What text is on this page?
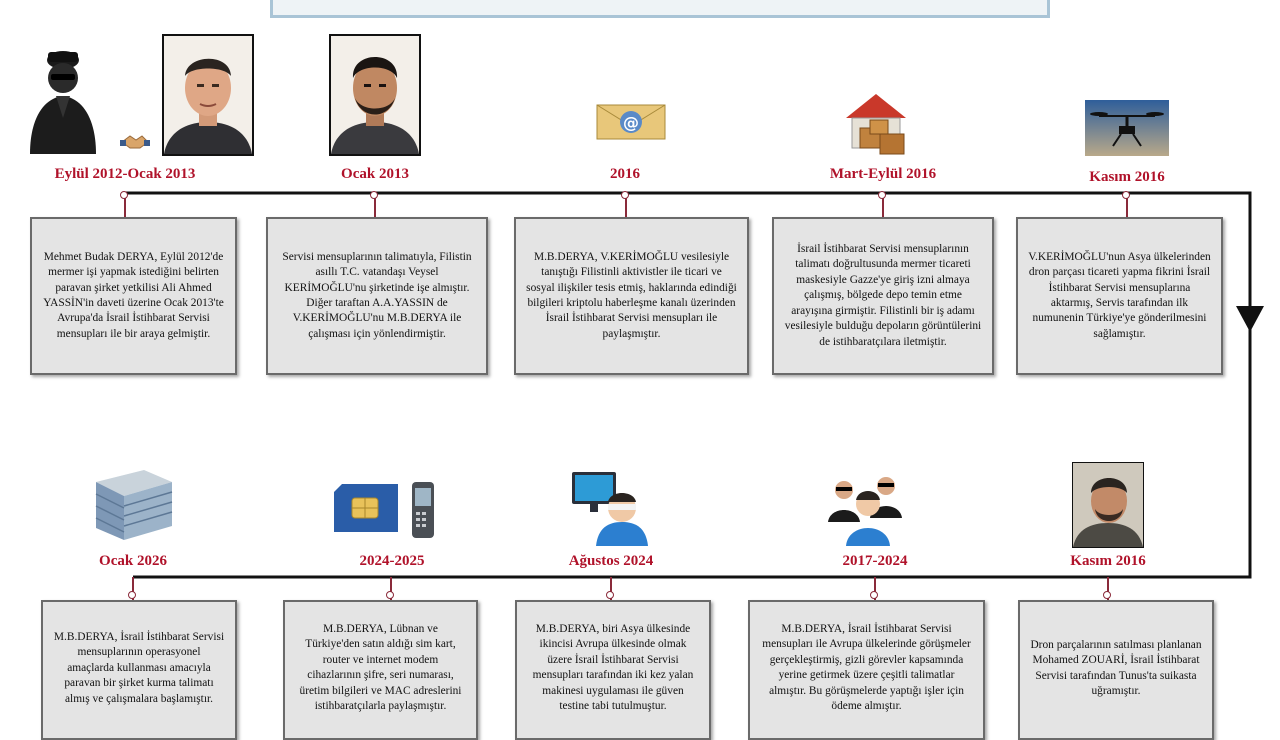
@
Eylül 2012-Ocak 2013	Ocak 2013	2016	Mart-Eylül 2016	Kasım 2016
Mehmet Budak DERYA, Eylül 2012'de mermer işi yapmak istediğini belirten paravan şirket yetkilisi Ali Ahmed YASSİN'in daveti üzerine Ocak 2013'te Avrupa'da İsrail İstihbarat Servisi mensupları ile bir araya gelmiştir.
Servisi mensuplarının talimatıyla, Filistin asıllı T.C. vatandaşı Veysel KERİMOĞLU'nu şirketinde işe almıştır. Diğer taraftan A.A.YASSIN de V.KERİMOĞLU'nu M.B.DERYA ile çalışması için yönlendirmiştir.
M.B.DERYA, V.KERİMOĞLU vesilesiyle tanıştığı Filistinli aktivistler ile ticari ve sosyal ilişkiler tesis etmiş, haklarında edindiği bilgileri kriptolu haberleşme kanalı üzerinden İsrail İstihbarat Servisi mensupları ile paylaşmıştır.
İsrail İstihbarat Servisi mensuplarının talimatı doğrultusunda mermer ticareti maskesiyle Gazze'ye giriş izni almaya çalışmış, bölgede depo temin etme arayışına girmiştir. Filistinli bir iş adamı vesilesiyle bulduğu depoların görüntülerini de istihbaratçılara iletmiştir.
V.KERİMOĞLU'nun Asya ülkelerinden dron parçası ticareti yapma fikrini İsrail İstihbarat Servisi mensuplarına aktarmış, Servis tarafından ilk numunenin Türkiye'ye gönderilmesini sağlamıştır.
Ocak 2026	2024-2025	Ağustos 2024	2017-2024	Kasım 2016
M.B.DERYA, İsrail İstihbarat Servisi mensuplarının operasyonel amaçlarda kullanması amacıyla paravan bir şirket kurma talimatı almış ve çalışmalara başlamıştır.
M.B.DERYA, Lübnan ve Türkiye'den satın aldığı sim kart, router ve internet modem cihazlarının şifre, seri numarası, üretim bilgileri ve MAC adreslerini istihbaratçılarla paylaşmıştır.
M.B.DERYA, biri Asya ülkesinde ikincisi Avrupa ülkesinde olmak üzere İsrail İstihbarat Servisi mensupları tarafından iki kez yalan makinesi uygulaması ile güven testine tabi tutulmuştur.
M.B.DERYA, İsrail İstihbarat Servisi mensupları ile Avrupa ülkelerinde görüşmeler gerçekleştirmiş, gizli görevler kapsamında yerine getirmek üzere çeşitli talimatlar almıştır. Bu görüşmelerde yaptığı işler için ödeme almıştır.
Dron parçalarının satılması planlanan Mohamed ZOUARİ, İsrail İstihbarat Servisi tarafından Tunus'ta suikasta uğramıştır.
